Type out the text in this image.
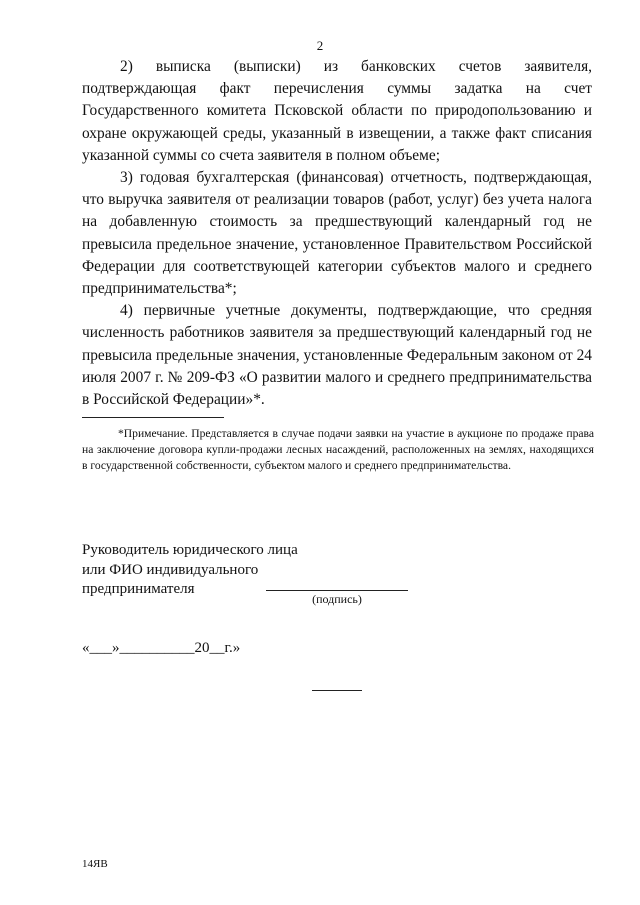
2

2) выписка (выписки) из банковских счетов заявителя, подтверждающая факт перечисления суммы задатка на счет Государственного комитета Псковской области по природопользованию и охране окружающей среды, указанный в извещении, а также факт списания указанной суммы со счета заявителя в полном объеме;

3) годовая бухгалтерская (финансовая) отчетность, подтверждающая, что выручка заявителя от реализации товаров (работ, услуг) без учета налога на добавленную стоимость за предшествующий календарный год не превысила предельное значение, установленное Правительством Российской Федерации для соответствующей категории субъектов малого и среднего предпринимательства*;

4) первичные учетные документы, подтверждающие, что средняя численность работников заявителя за предшествующий календарный год не превысила предельные значения, установленные Федеральным законом от 24 июля 2007 г. № 209-ФЗ «О развитии малого и среднего предпринимательства в Российской Федерации»*.

*Примечание. Представляется в случае подачи заявки на участие в аукционе по продаже права на заключение договора купли-продажи лесных насаждений, расположенных на землях, находящихся в государственной собственности, субъектом малого и среднего предпринимательства.

Руководитель юридического лица
или ФИО индивидуального
предпринимателя
(подпись)
«___»__________20__г.»
14ЯВ
